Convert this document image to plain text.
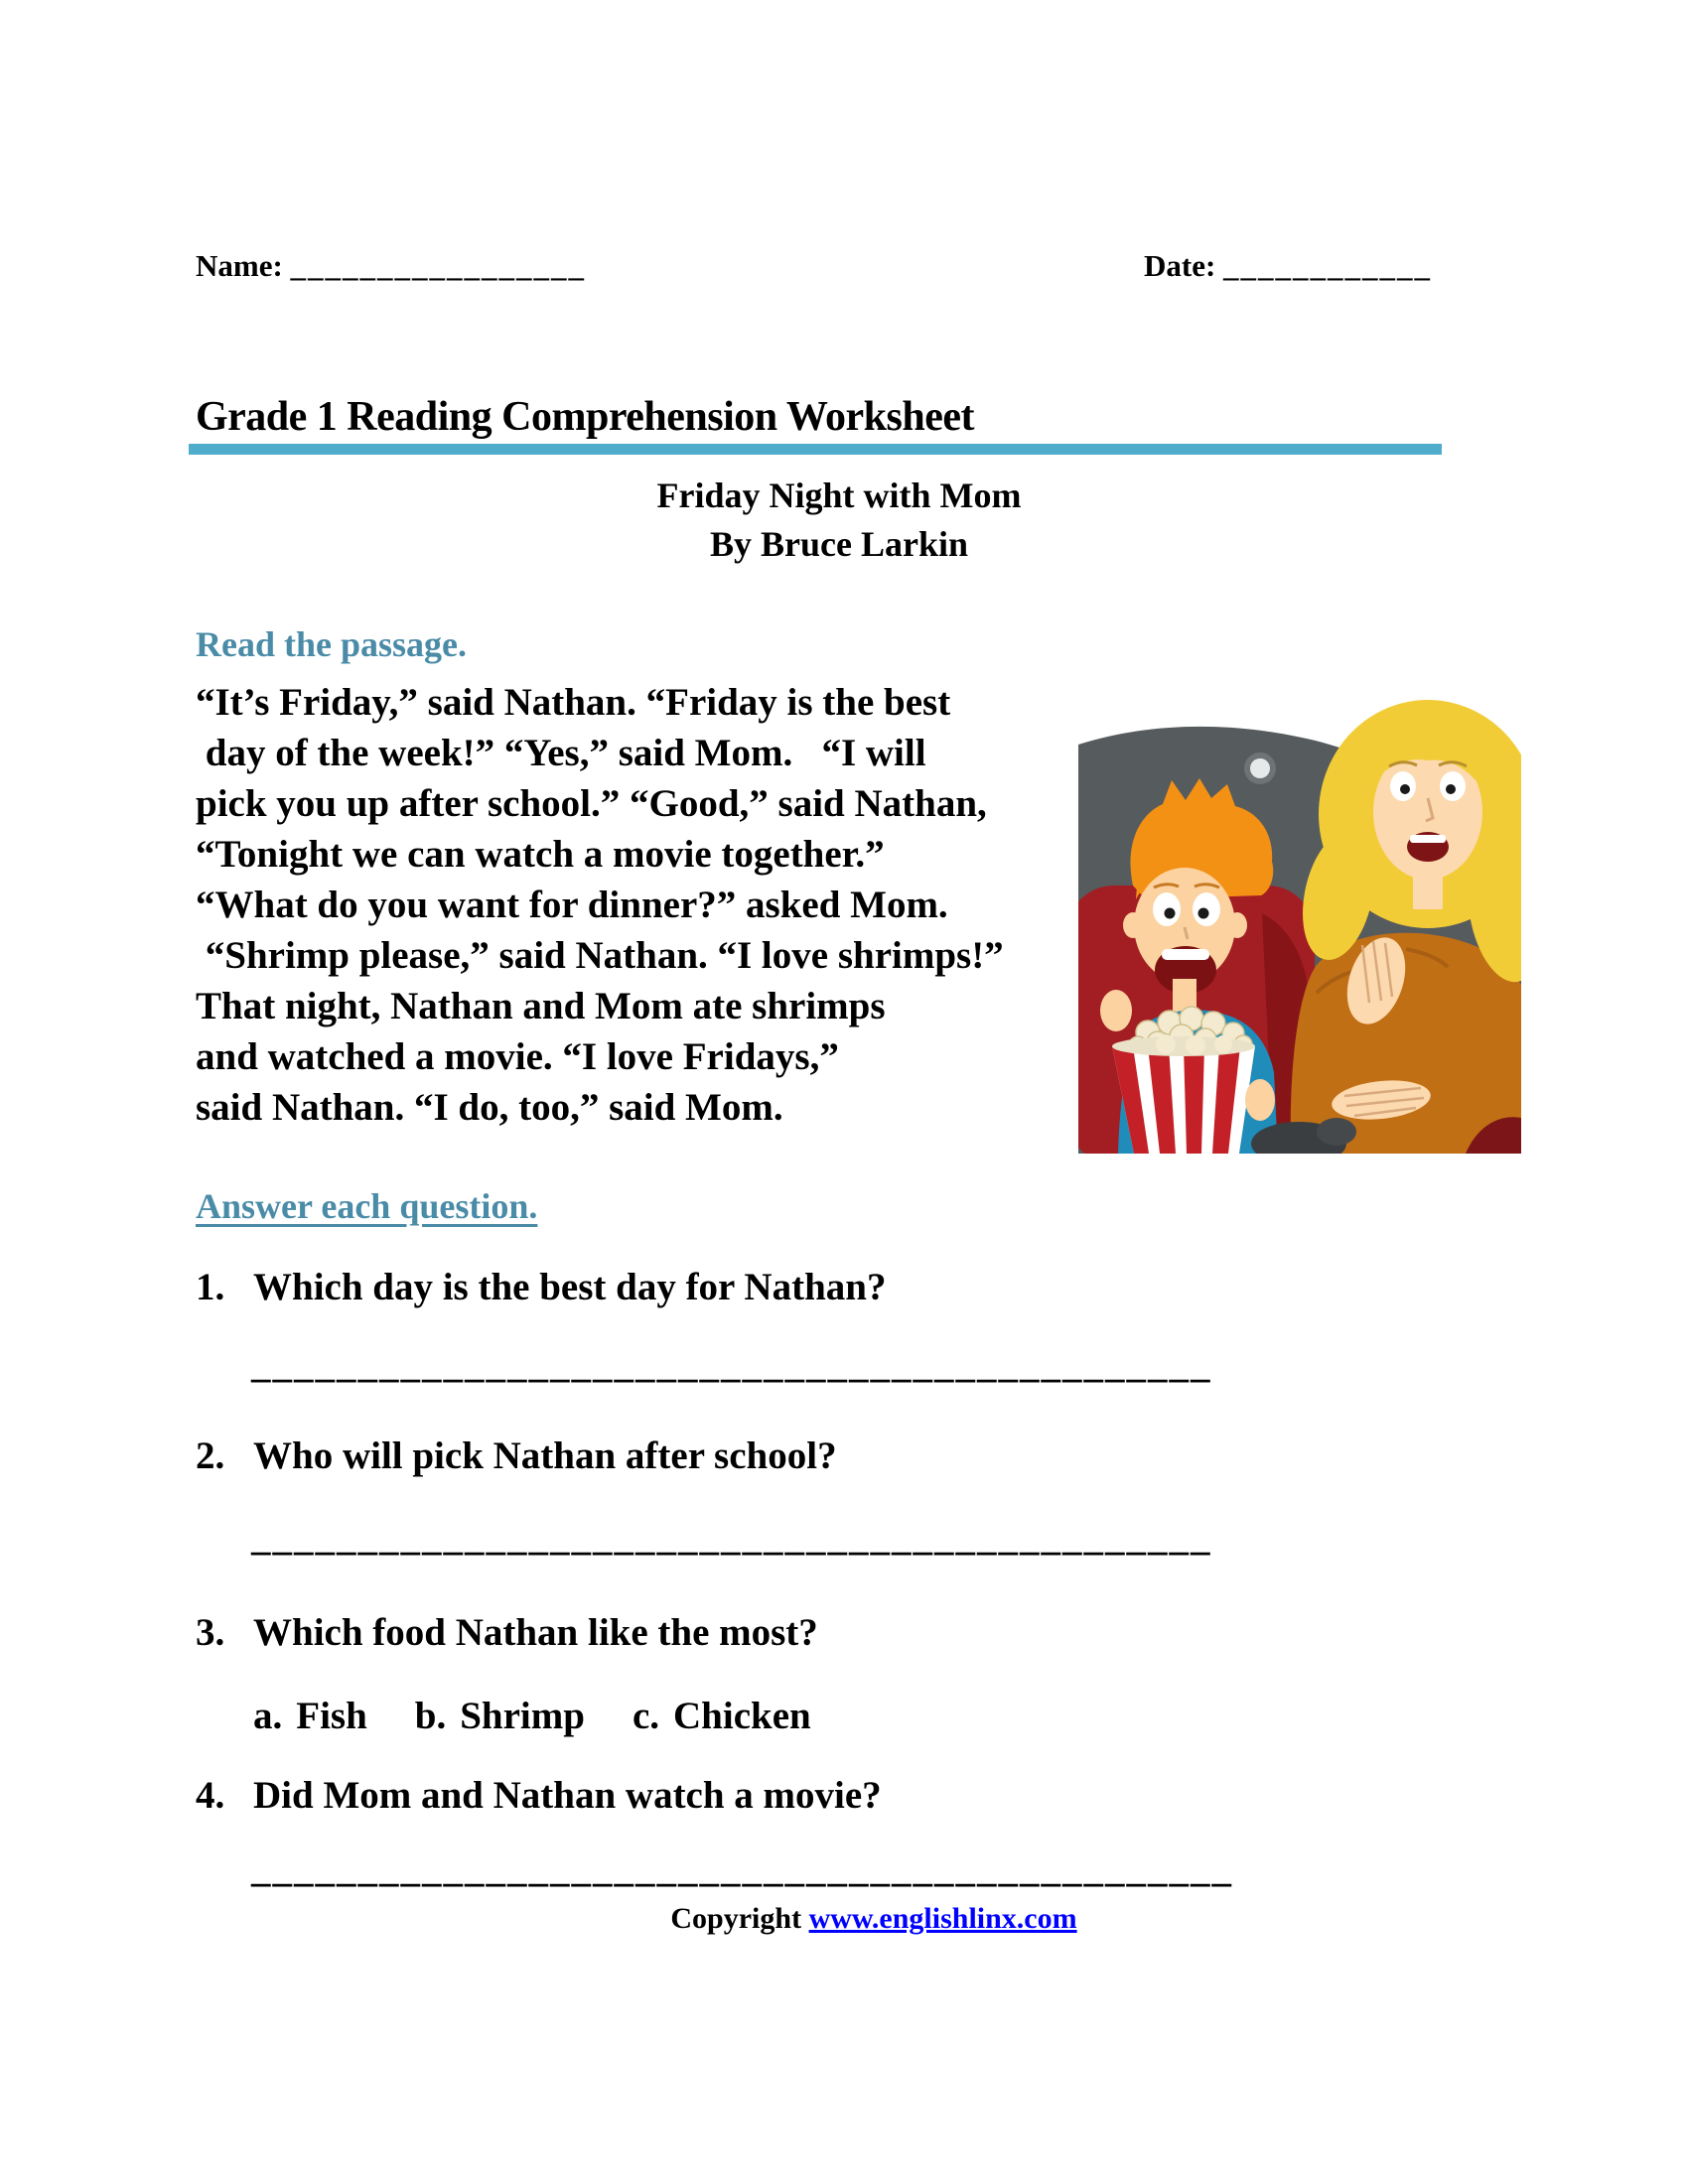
Name: _________________	Date: ____________
Grade 1 Reading Comprehension Worksheet
Friday Night with Mom
By Bruce Larkin
Read the passage.
“It’s Friday,” said Nathan. “Friday is the best
day of the week!” “Yes,” said Mom.   “I will
pick you up after school.” “Good,” said Nathan,
“Tonight we can watch a movie together.”
“What do you want for dinner?” asked Mom.
“Shrimp please,” said Nathan. “I love shrimps!”
That night, Nathan and Mom ate shrimps
and watched a movie. “I love Fridays,”
said Nathan. “I do, too,” said Mom.
Answer each question.
1. Which day is the best day for Nathan?
_____________________________________________
2. Who will pick Nathan after school?
_____________________________________________
3. Which food Nathan like the most?
a. Fish b. Shrimp c. Chicken
4. Did Mom and Nathan watch a movie?
______________________________________________
Copyright www.englishlinx.com
